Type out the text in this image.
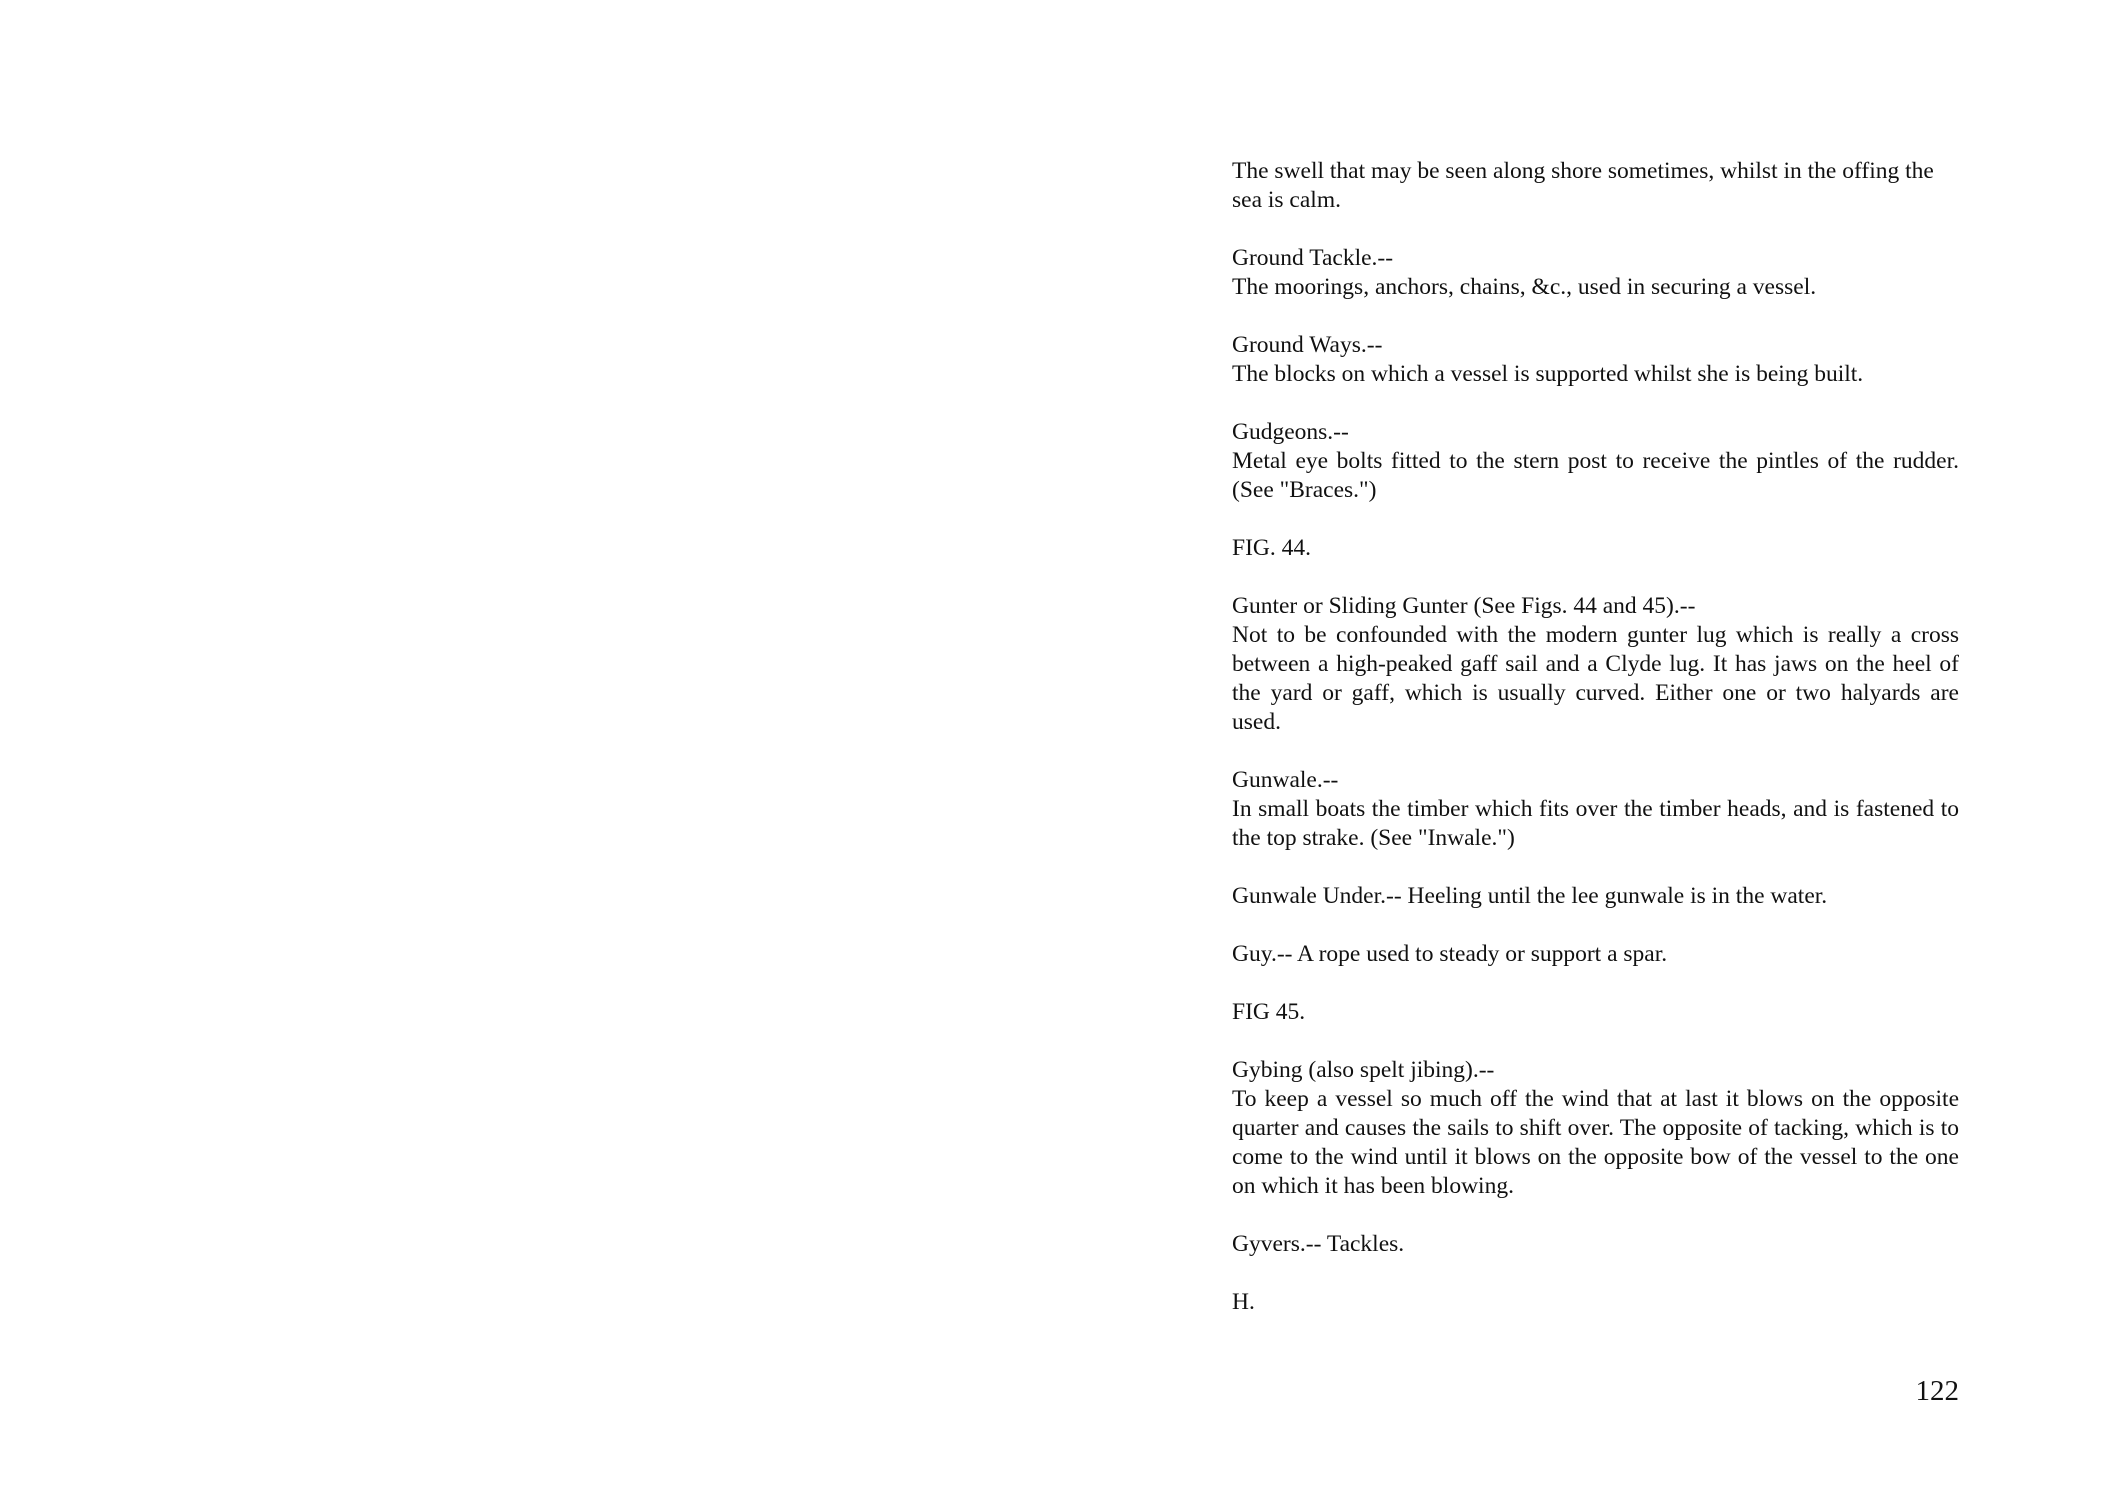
The swell that may be seen along shore sometimes, whilst in the offing the sea is calm.

Ground Tackle.--

The moorings, anchors, chains, &c., used in securing a vessel.

Ground Ways.--

The blocks on which a vessel is supported whilst she is being built.

Gudgeons.--

Metal eye bolts fitted to the stern post to receive the pintles of the rudder. (See "Braces.")

FIG. 44.

Gunter or Sliding Gunter (See Figs. 44 and 45).--

Not to be confounded with the modern gunter lug which is really a cross between a high-peaked gaff sail and a Clyde lug. It has jaws on the heel of the yard or gaff, which is usually curved. Either one or two halyards are used.

Gunwale.--

In small boats the timber which fits over the timber heads, and is fastened to the top strake. (See "Inwale.")

Gunwale Under.-- Heeling until the lee gunwale is in the water.

Guy.-- A rope used to steady or support a spar.

FIG 45.

Gybing (also spelt jibing).--

To keep a vessel so much off the wind that at last it blows on the opposite quarter and causes the sails to shift over. The opposite of tacking, which is to come to the wind until it blows on the opposite bow of the vessel to the one on which it has been blowing.

Gyvers.-- Tackles.

H.

122
